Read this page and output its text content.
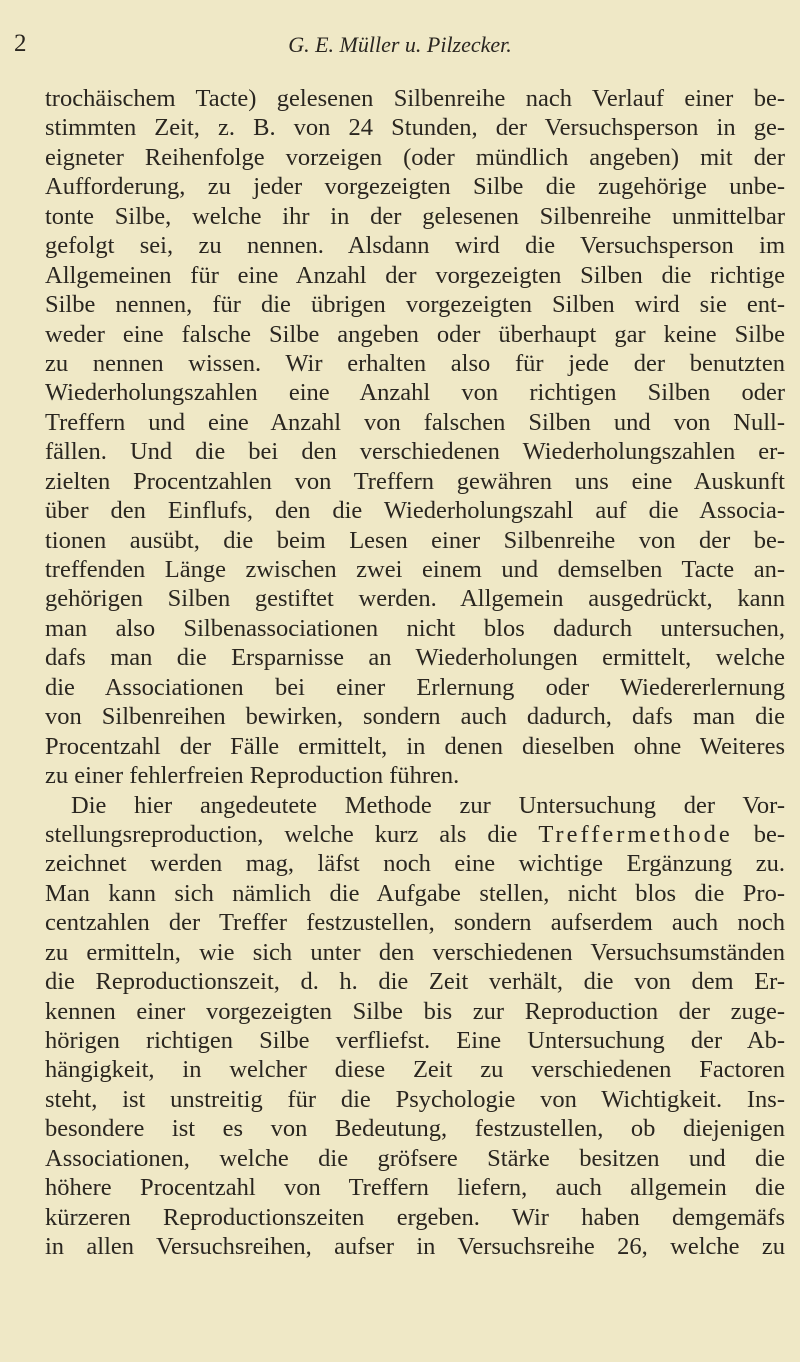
2	G. E. Müller u. Pilzecker.
trochäischem Tacte) gelesenen Silbenreihe nach Verlauf einer be-
stimmten Zeit, z. B. von 24 Stunden, der Versuchsperson in ge-
eigneter Reihenfolge vorzeigen (oder mündlich angeben) mit der
Aufforderung, zu jeder vorgezeigten Silbe die zugehörige unbe-
tonte Silbe, welche ihr in der gelesenen Silbenreihe unmittelbar
gefolgt sei, zu nennen. Alsdann wird die Versuchsperson im
Allgemeinen für eine Anzahl der vorgezeigten Silben die richtige
Silbe nennen, für die übrigen vorgezeigten Silben wird sie ent-
weder eine falsche Silbe angeben oder überhaupt gar keine Silbe
zu nennen wissen. Wir erhalten also für jede der benutzten
Wiederholungszahlen eine Anzahl von richtigen Silben oder
Treffern und eine Anzahl von falschen Silben und von Null-
fällen. Und die bei den verschiedenen Wiederholungszahlen er-
zielten Procentzahlen von Treffern gewähren uns eine Auskunft
über den Einflufs, den die Wiederholungszahl auf die Associa-
tionen ausübt, die beim Lesen einer Silbenreihe von der be-
treffenden Länge zwischen zwei einem und demselben Tacte an-
gehörigen Silben gestiftet werden. Allgemein ausgedrückt, kann
man also Silbenassociationen nicht blos dadurch untersuchen,
dafs man die Ersparnisse an Wiederholungen ermittelt, welche
die Associationen bei einer Erlernung oder Wiedererlernung
von Silbenreihen bewirken, sondern auch dadurch, dafs man die
Procentzahl der Fälle ermittelt, in denen dieselben ohne Weiteres
zu einer fehlerfreien Reproduction führen.
Die hier angedeutete Methode zur Untersuchung der Vor-
stellungsreproduction, welche kurz als die Treffermethode be-
zeichnet werden mag, läfst noch eine wichtige Ergänzung zu.
Man kann sich nämlich die Aufgabe stellen, nicht blos die Pro-
centzahlen der Treffer festzustellen, sondern aufserdem auch noch
zu ermitteln, wie sich unter den verschiedenen Versuchsumständen
die Reproductionszeit, d. h. die Zeit verhält, die von dem Er-
kennen einer vorgezeigten Silbe bis zur Reproduction der zuge-
hörigen richtigen Silbe verfliefst. Eine Untersuchung der Ab-
hängigkeit, in welcher diese Zeit zu verschiedenen Factoren
steht, ist unstreitig für die Psychologie von Wichtigkeit. Ins-
besondere ist es von Bedeutung, festzustellen, ob diejenigen
Associationen, welche die gröfsere Stärke besitzen und die
höhere Procentzahl von Treffern liefern, auch allgemein die
kürzeren Reproductionszeiten ergeben. Wir haben demgemäfs
in allen Versuchsreihen, aufser in Versuchsreihe 26, welche zu
